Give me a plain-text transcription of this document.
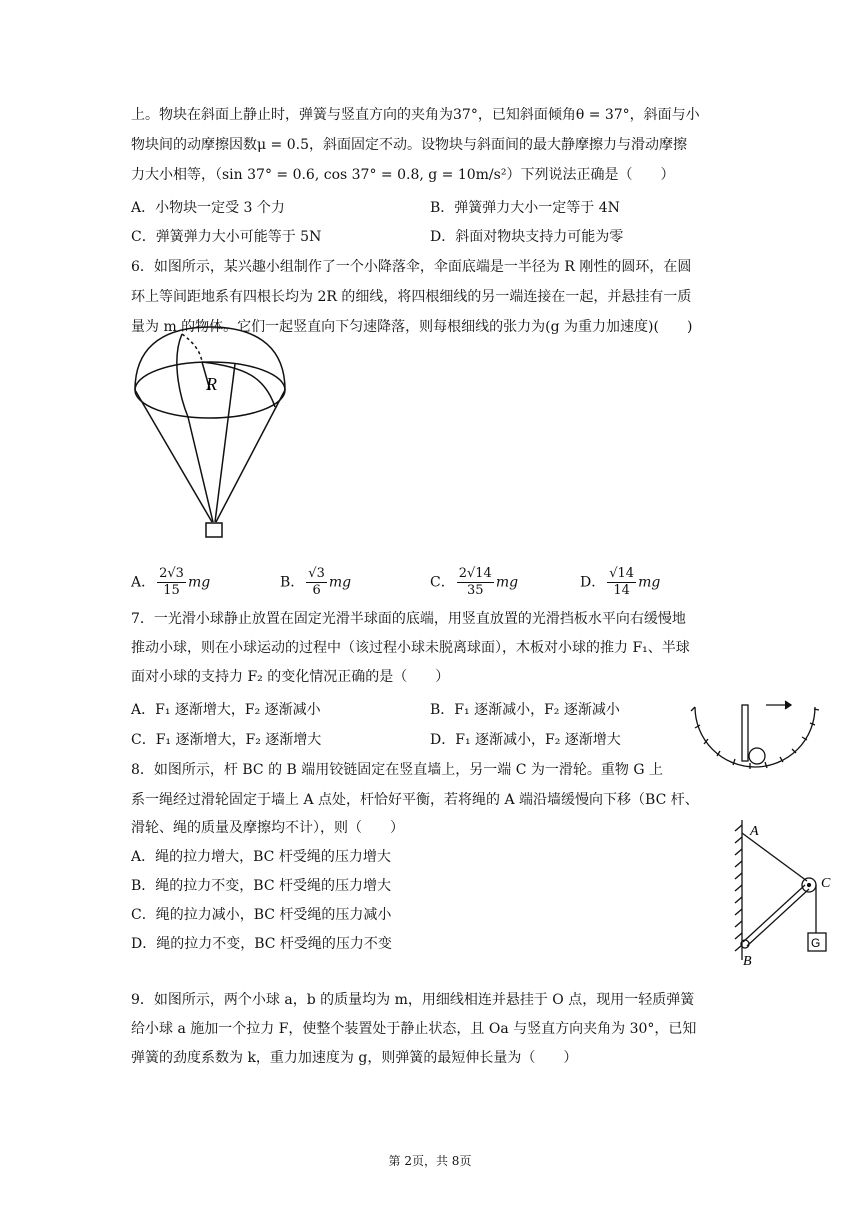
上。物块在斜面上静止时，弹簧与竖直方向的夹角为37°，已知斜面倾角θ = 37°，斜面与小
物块间的动摩擦因数μ = 0.5，斜面固定不动。设物块与斜面间的最大静摩擦力与滑动摩擦
力大小相等，（sin 37° = 0.6, cos 37° = 0.8, g = 10m/s²）下列说法正确是（　　）
A．小物块一定受 3 个力	B．弹簧弹力大小一定等于 4N
C．弹簧弹力大小可能等于 5N	D．斜面对物块支持力可能为零
6．如图所示，某兴趣小组制作了一个小降落伞，伞面底端是一半径为 R 刚性的圆环，在圆
环上等间距地系有四根长均为 2R 的细线，将四根细线的另一端连接在一起，并悬挂有一质
量为 m 的物体。它们一起竖直向下匀速降落，则每根细线的张力为(g 为重力加速度)(　　)
R
A． $\frac{2√3}{15}$ mg	B． $\frac{√3}{6}$ mg	C． $\frac{2√14}{35}$ mg	D． $\frac{√14}{14}$ mg
7．一光滑小球静止放置在固定光滑半球面的底端，用竖直放置的光滑挡板水平向右缓慢地
推动小球，则在小球运动的过程中（该过程小球未脱离球面），木板对小球的推力 F₁、半球
面对小球的支持力 F₂ 的变化情况正确的是（　　）
A．F₁ 逐渐增大，F₂ 逐渐减小	B．F₁ 逐渐减小，F₂ 逐渐减小
C．F₁ 逐渐增大，F₂ 逐渐增大	D．F₁ 逐渐减小，F₂ 逐渐增大
8．如图所示，杆 BC 的 B 端用铰链固定在竖直墙上，另一端 C 为一滑轮。重物 G 上
系一绳经过滑轮固定于墙上 A 点处，杆恰好平衡，若将绳的 A 端沿墙缓慢向下移（BC 杆、
滑轮、绳的质量及摩擦均不计），则（　　）
A．绳的拉力增大，BC 杆受绳的压力增大
B．绳的拉力不变，BC 杆受绳的压力增大
C．绳的拉力减小，BC 杆受绳的压力减小
D．绳的拉力不变，BC 杆受绳的压力不变
A
C
B
G
9．如图所示，两个小球 a，b 的质量均为 m，用细线相连并悬挂于 O 点，现用一轻质弹簧
给小球 a 施加一个拉力 F，使整个装置处于静止状态，且 Oa 与竖直方向夹角为 30°，已知
弹簧的劲度系数为 k，重力加速度为 g，则弹簧的最短伸长量为（　　）
第 2页，共 8页
